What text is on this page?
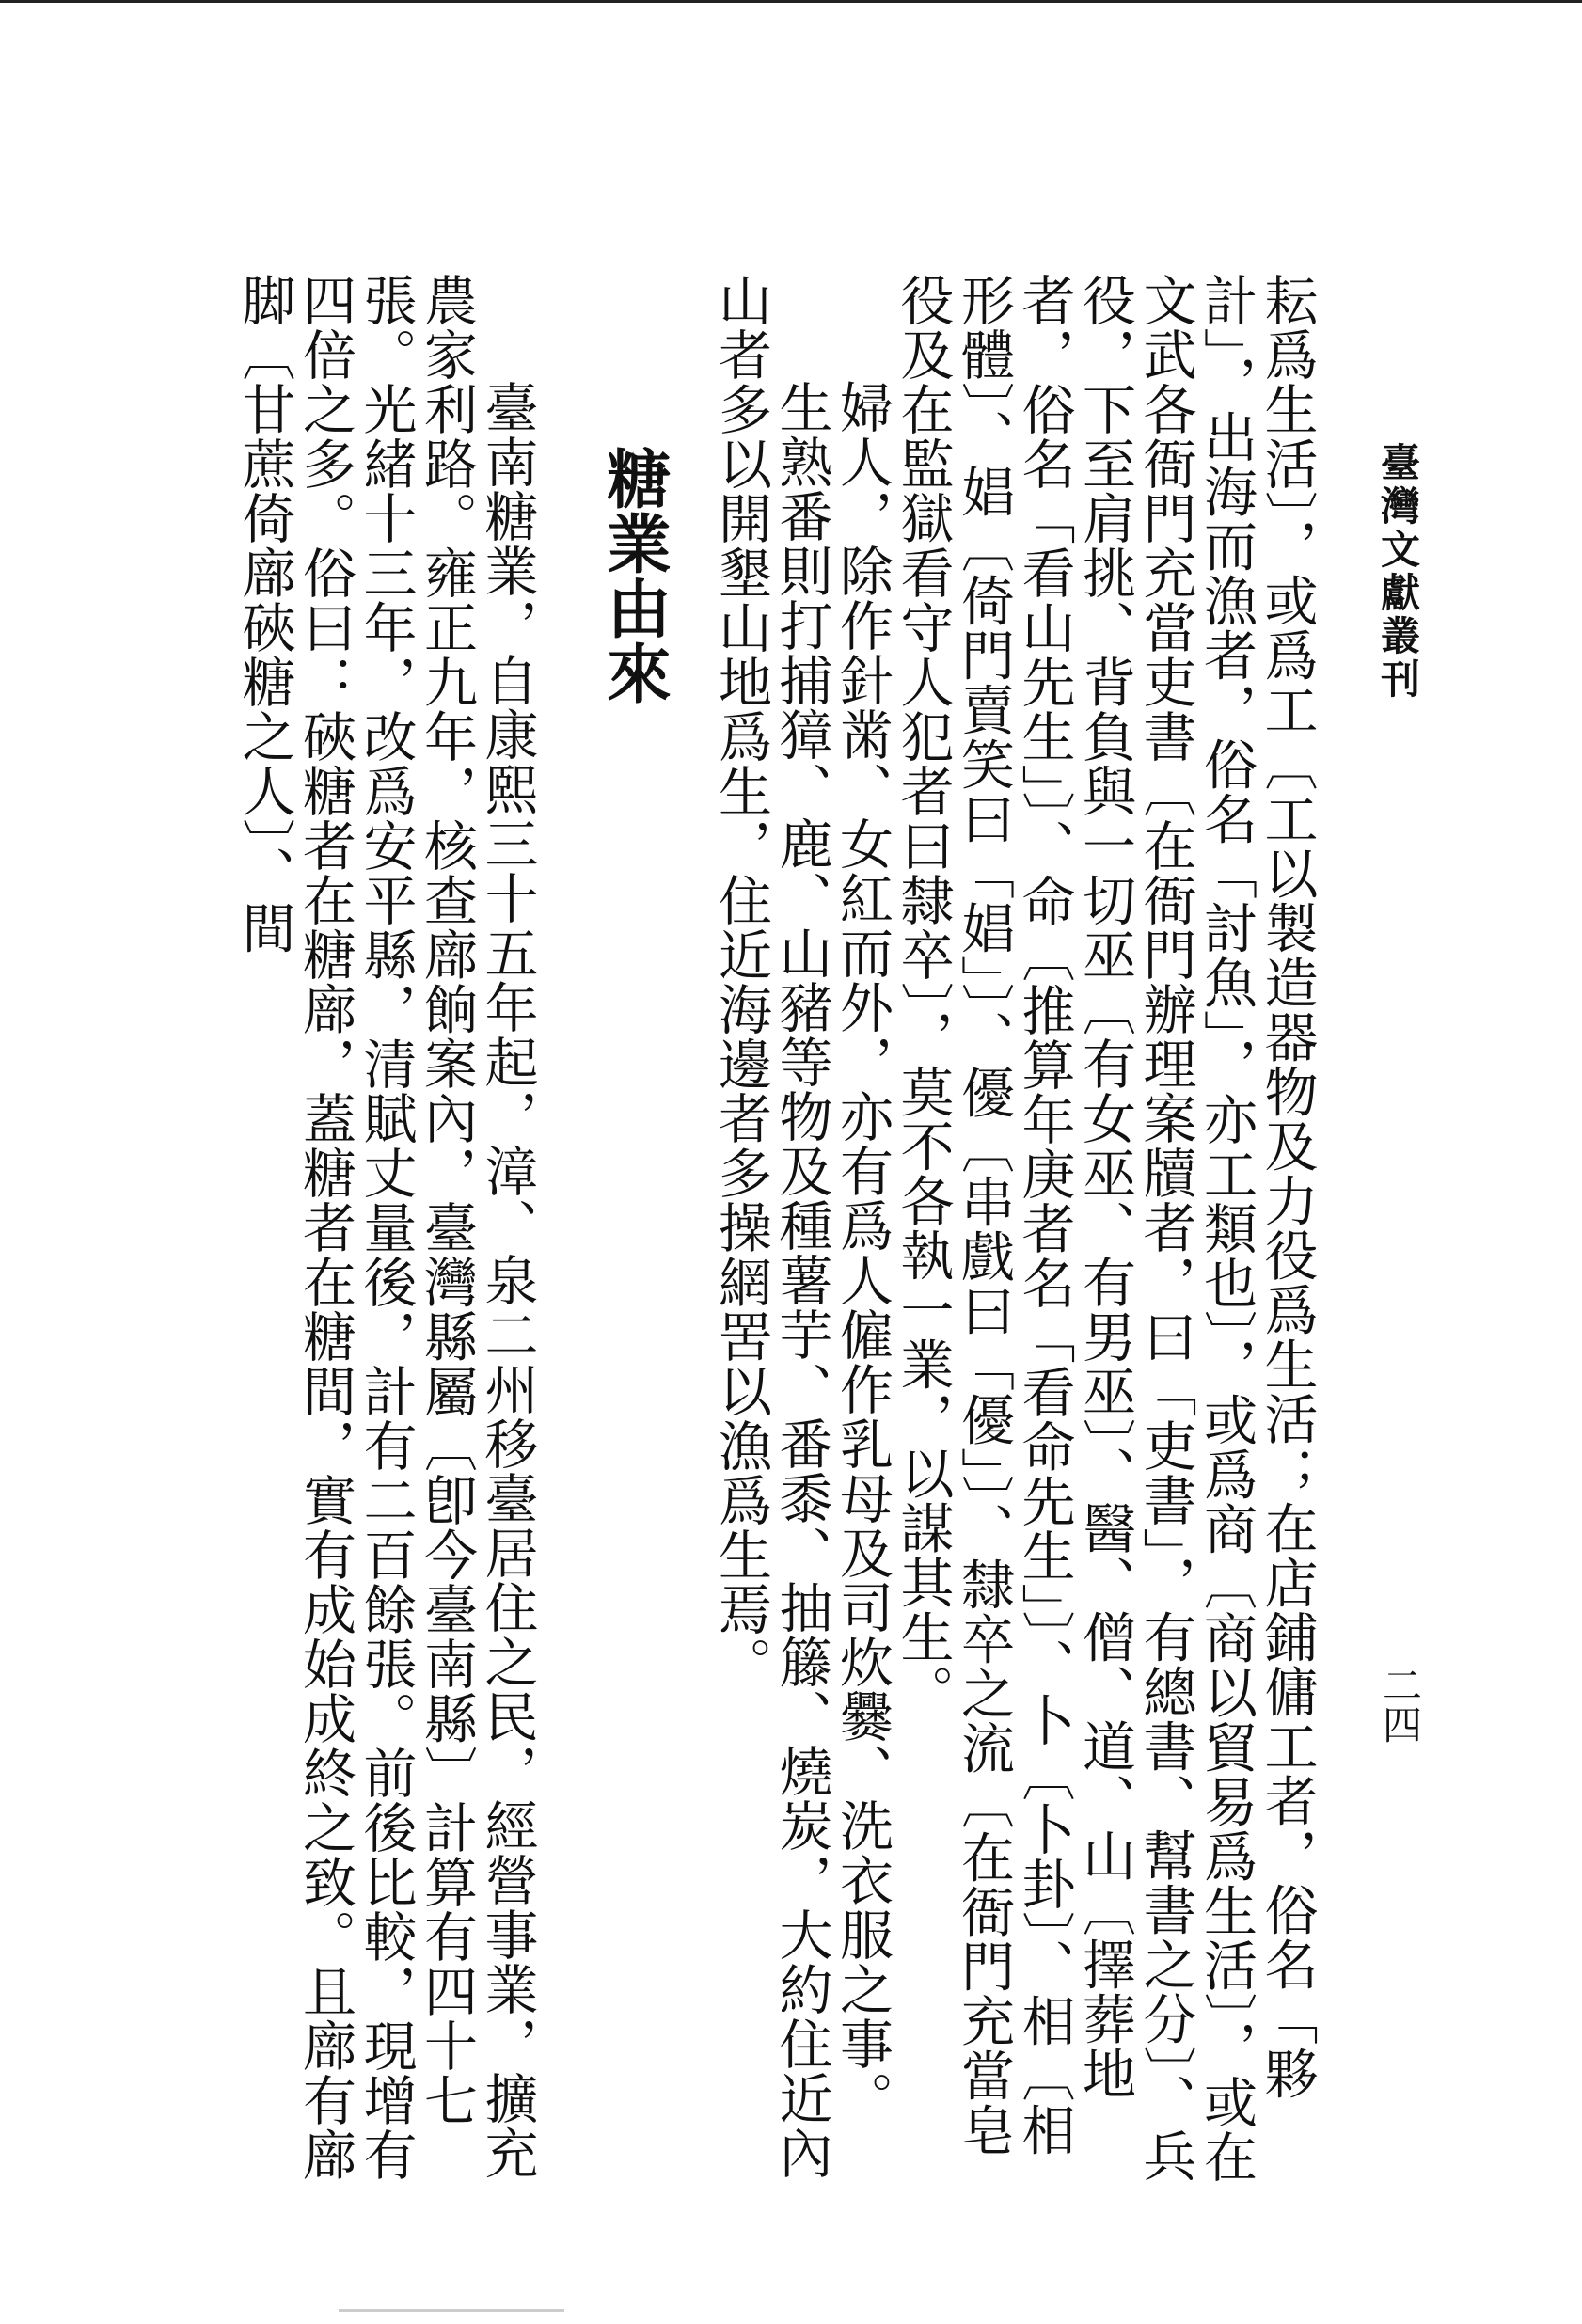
臺灣文獻叢刊
二四

耘爲生活〕，或爲工〔工以製造器物及力役爲生活；在店鋪傭工者，俗名「夥計」，出海而漁者，俗名「討魚」，亦工類也〕，或爲商〔商以貿易爲生活〕，或在文武各衙門充當吏書〔在衙門辦理案牘者，曰「吏書」，有總書、幫書之分〕、兵役，下至肩挑、背負與一切巫〔有女巫、有男巫〕、醫、僧、道、山〔擇葬地者，俗名「看山先生」〕、命〔推算年庚者名「看命先生」〕、卜〔卜卦〕、相〔相形體〕、娼〔倚門賣笑曰「娼」〕、優〔串戲曰「優」〕、隸卒之流〔在衙門充當皂役及在監獄看守人犯者曰隸卒〕，莫不各執一業，以謀其生。

婦人，除作針黹、女紅而外，亦有爲人僱作乳母及司炊爨、洗衣服之事。

生熟番則打捕獐、鹿、山豬等物及種薯芋、番黍、抽籐、燒炭，大約住近內山者多以開墾山地爲生，住近海邊者多操網罟以漁爲生焉。

糖業由來

臺南糖業，自康熙三十五年起，漳、泉二州移臺居住之民，經營事業，擴充農家利路。雍正九年，核查廍餉案內，臺灣縣屬〔卽今臺南縣〕計算有四十七張。光緒十三年，改爲安平縣，清賦丈量後，計有二百餘張。前後比較，現增有四倍之多。俗曰：硤糖者在糖廍，蓋糖者在糖間，實有成始成終之致。且廍有廍脚〔甘蔗倚廍硤糖之人〕、間
